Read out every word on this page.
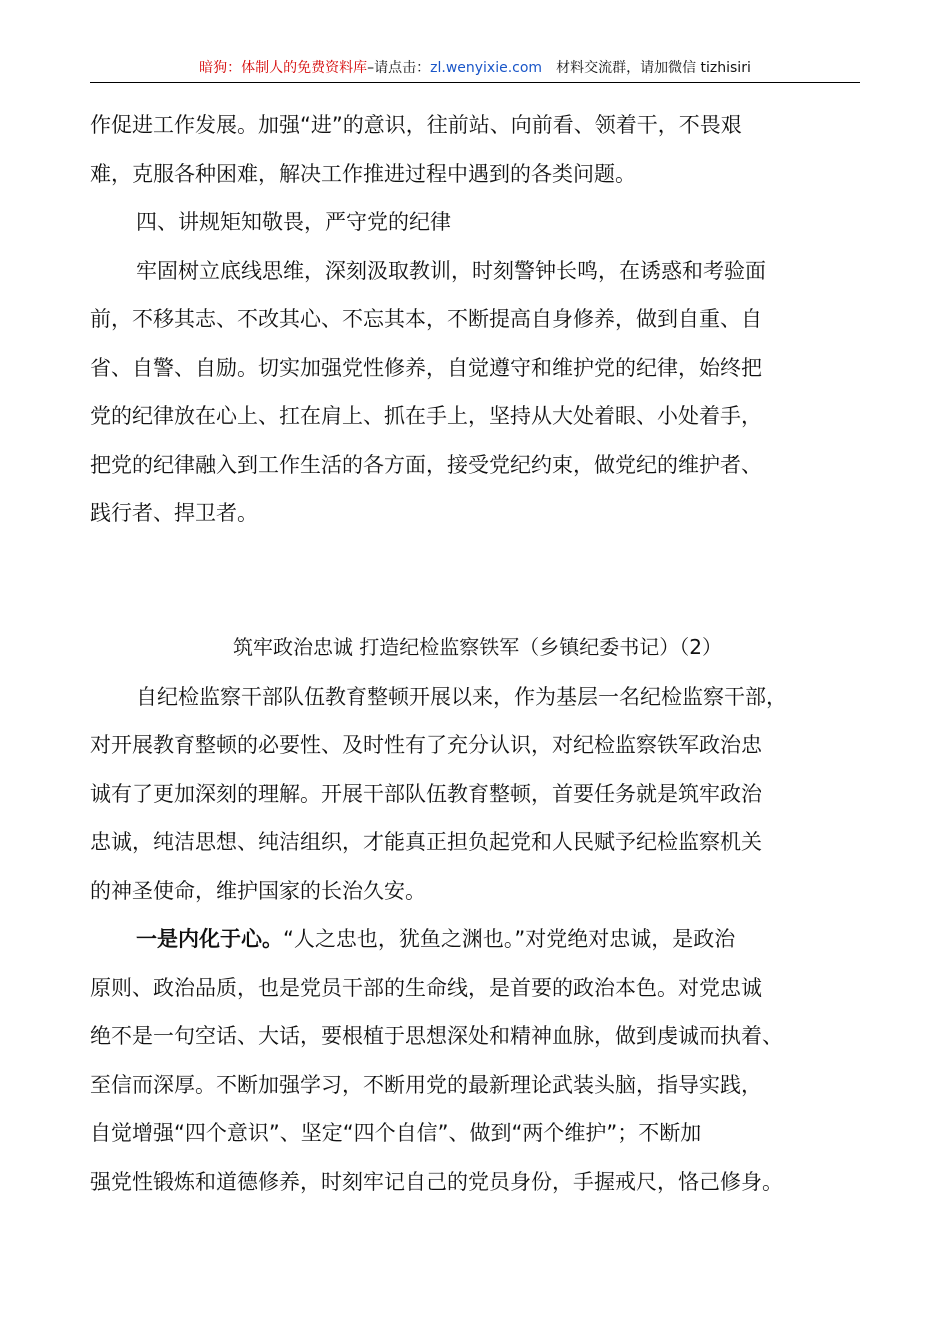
暗狗：体制人的免费资料库–请点击：zl.wenyixie.com 材料交流群，请加微信 tizhisiri
作促进工作发展。加强“进”的意识，往前站、向前看、领着干，不畏艰
难，克服各种困难，解决工作推进过程中遇到的各类问题。
四、讲规矩知敬畏，严守党的纪律
牢固树立底线思维，深刻汲取教训，时刻警钟长鸣，在诱惑和考验面
前，不移其志、不改其心、不忘其本，不断提高自身修养，做到自重、自
省、自警、自励。切实加强党性修养，自觉遵守和维护党的纪律，始终把
党的纪律放在心上、扛在肩上、抓在手上，坚持从大处着眼、小处着手，
把党的纪律融入到工作生活的各方面，接受党纪约束，做党纪的维护者、
践行者、捍卫者。
筑牢政治忠诚 打造纪检监察铁军（乡镇纪委书记）（2）
自纪检监察干部队伍教育整顿开展以来，作为基层一名纪检监察干部，
对开展教育整顿的必要性、及时性有了充分认识，对纪检监察铁军政治忠
诚有了更加深刻的理解。开展干部队伍教育整顿，首要任务就是筑牢政治
忠诚，纯洁思想、纯洁组织，才能真正担负起党和人民赋予纪检监察机关
的神圣使命，维护国家的长治久安。
一是内化于心。“人之忠也，犹鱼之渊也。”对党绝对忠诚，是政治
原则、政治品质，也是党员干部的生命线，是首要的政治本色。对党忠诚
绝不是一句空话、大话，要根植于思想深处和精神血脉，做到虔诚而执着、
至信而深厚。不断加强学习，不断用党的最新理论武装头脑，指导实践，
自觉增强“四个意识”、坚定“四个自信”、做到“两个维护”；不断加
强党性锻炼和道德修养，时刻牢记自己的党员身份，手握戒尺，恪己修身。
